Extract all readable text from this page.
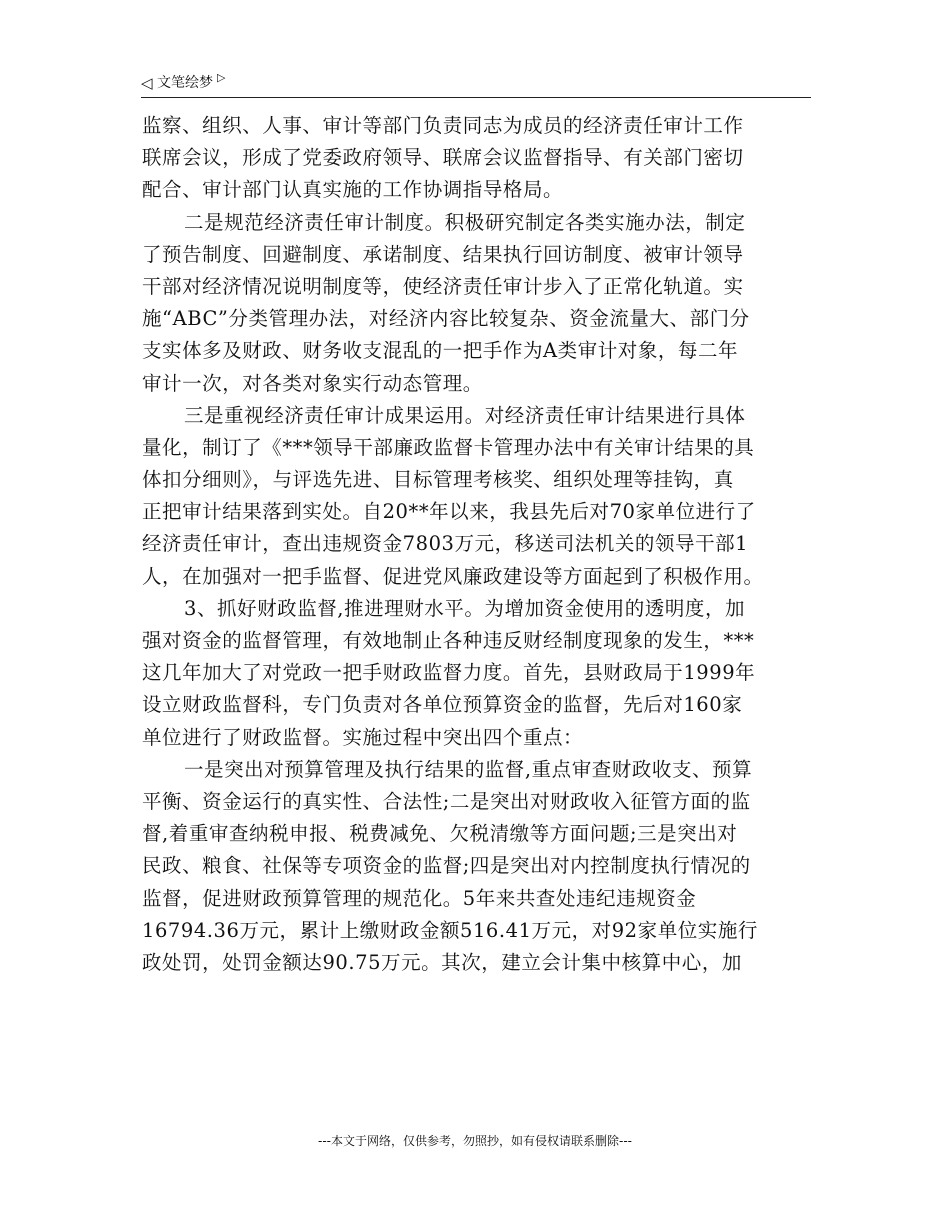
◁ 文笔绘梦 ▷
监察、组织、人事、审计等部门负责同志为成员的经济责任审计工作
联席会议，形成了党委政府领导、联席会议监督指导、有关部门密切
配合、审计部门认真实施的工作协调指导格局。
二是规范经济责任审计制度。积极研究制定各类实施办法，制定
了预告制度、回避制度、承诺制度、结果执行回访制度、被审计领导
干部对经济情况说明制度等，使经济责任审计步入了正常化轨道。实
施“ABC”分类管理办法，对经济内容比较复杂、资金流量大、部门分
支实体多及财政、财务收支混乱的一把手作为A类审计对象，每二年
审计一次，对各类对象实行动态管理。
三是重视经济责任审计成果运用。对经济责任审计结果进行具体
量化，制订了《***领导干部廉政监督卡管理办法中有关审计结果的具
体扣分细则》，与评选先进、目标管理考核奖、组织处理等挂钩，真
正把审计结果落到实处。自20**年以来，我县先后对70家单位进行了
经济责任审计，查出违规资金7803万元，移送司法机关的领导干部1
人，在加强对一把手监督、促进党风廉政建设等方面起到了积极作用。
3、抓好财政监督,推进理财水平。为增加资金使用的透明度，加
强对资金的监督管理，有效地制止各种违反财经制度现象的发生，***
这几年加大了对党政一把手财政监督力度。首先，县财政局于1999年
设立财政监督科，专门负责对各单位预算资金的监督，先后对160家
单位进行了财政监督。实施过程中突出四个重点：
一是突出对预算管理及执行结果的监督,重点审查财政收支、预算
平衡、资金运行的真实性、合法性;二是突出对财政收入征管方面的监
督,着重审查纳税申报、税费减免、欠税清缴等方面问题;三是突出对
民政、粮食、社保等专项资金的监督;四是突出对内控制度执行情况的
监督，促进财政预算管理的规范化。5年来共查处违纪违规资金
16794.36万元，累计上缴财政金额516.41万元，对92家单位实施行
政处罚，处罚金额达90.75万元。其次，建立会计集中核算中心，加
---本文于网络，仅供参考，勿照抄，如有侵权请联系删除---
